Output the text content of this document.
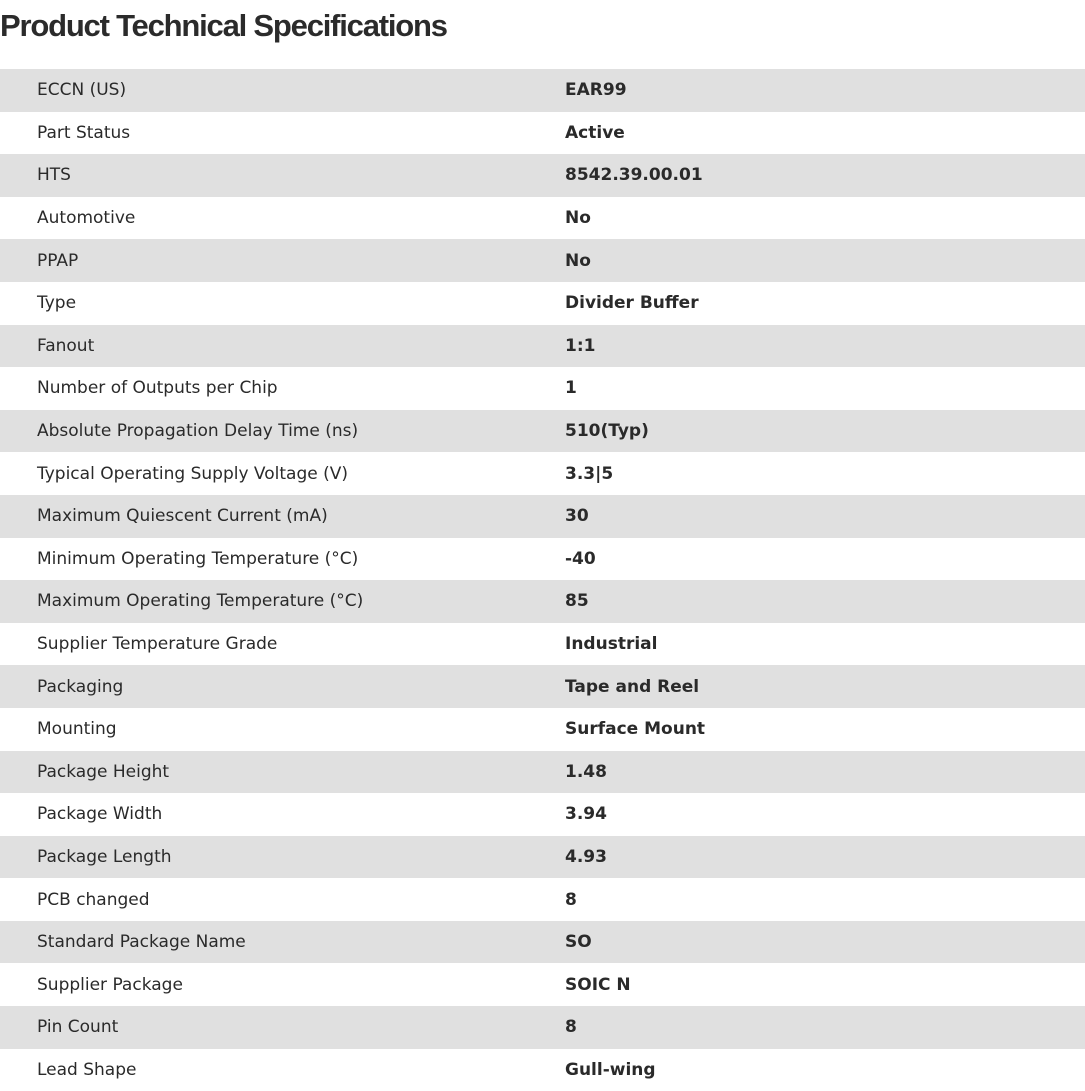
Product Technical Specifications
ECCN (US)	EAR99
Part Status	Active
HTS	8542.39.00.01
Automotive	No
PPAP	No
Type	Divider Buffer
Fanout	1:1
Number of Outputs per Chip	1
Absolute Propagation Delay Time (ns)	510(Typ)
Typical Operating Supply Voltage (V)	3.3|5
Maximum Quiescent Current (mA)	30
Minimum Operating Temperature (°C)	-40
Maximum Operating Temperature (°C)	85
Supplier Temperature Grade	Industrial
Packaging	Tape and Reel
Mounting	Surface Mount
Package Height	1.48
Package Width	3.94
Package Length	4.93
PCB changed	8
Standard Package Name	SO
Supplier Package	SOIC N
Pin Count	8
Lead Shape	Gull-wing
